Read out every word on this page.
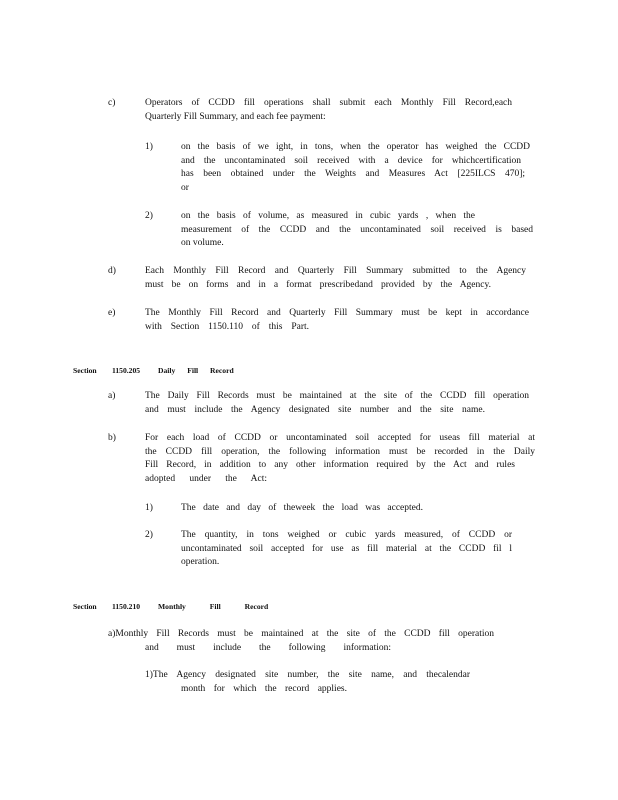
c)	Operators of CCDD fill operations shall submit each Monthly Fill Record,each
Quarterly Fill Summary, and each fee payment:
1)	on the basis of we ight, in tons, when the operator has weighed the CCDD
and the uncontaminated soil received with a device for whichcertification
has been obtained under the Weights and Measures Act [225ILCS 470];
or
2)	on the basis of volume, as measured in cubic yards , when the
measurement of the CCDD and the uncontaminated soil received is based
on volume.
d)	Each Monthly Fill Record and Quarterly Fill Summary submitted to the Agency
must be on forms and in a format prescribedand provided by the Agency.
e)	The Monthly Fill Record and Quarterly Fill Summary must be kept in accordance
with Section 1150.110 of this Part.
Section 1150.205 Daily Fill Record
a)	The Daily Fill Records must be maintained at the site of the CCDD fill operation
and must include the Agency designated site number and the site name.
b)	For each load of CCDD or uncontaminated soil accepted for useas fill material at
the CCDD fill operation, the following information must be recorded in the Daily
Fill Record, in addition to any other information required by the Act and rules
adopted under the Act:
1)	The date and day of theweek the load was accepted.
2)	The quantity, in tons weighed or cubic yards measured, of CCDD or
uncontaminated soil accepted for use as fill material at the CCDD fil l
operation.
Section 1150.210 Monthly Fill Record
a)Monthly Fill Records must be maintained at the site of the CCDD fill operation
and must include the following information:
1)The Agency designated site number, the site name, and thecalendar
month for which the record applies.
